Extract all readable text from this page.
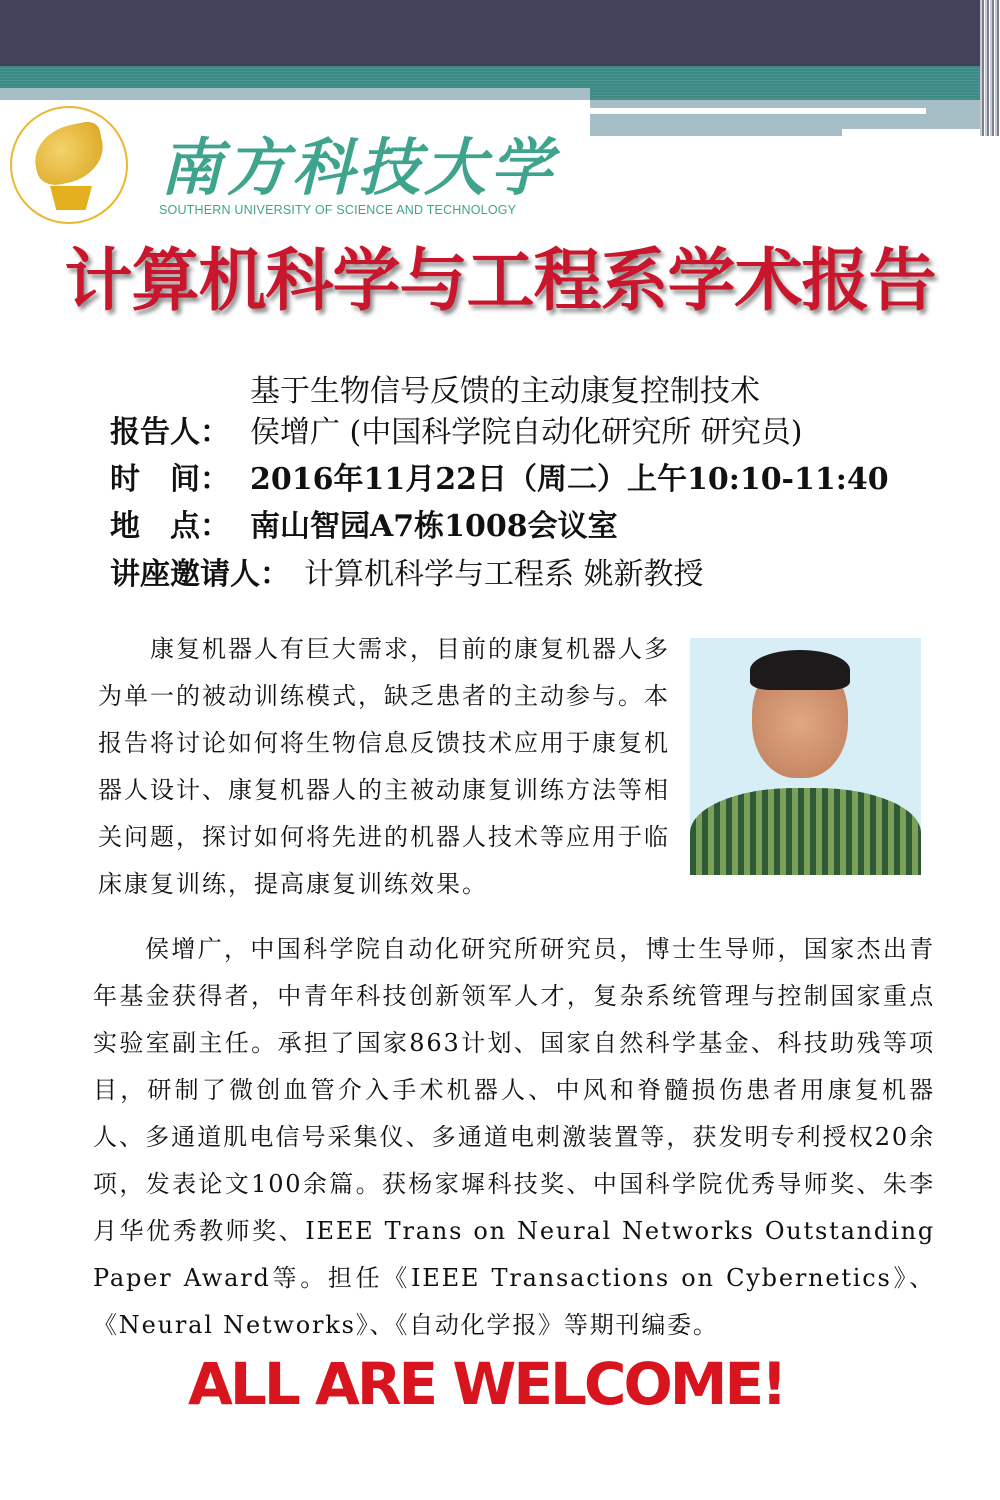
南方科技大学
SOUTHERN UNIVERSITY OF SCIENCE AND TECHNOLOGY
计算机科学与工程系学术报告
基于生物信号反馈的主动康复控制技术
报告人： 侯增广 (中国科学院自动化研究所 研究员)
时　间： 2016年11月22日（周二）上午10:10-11:40
地　点： 南山智园A7栋1008会议室
讲座邀请人： 计算机科学与工程系 姚新教授

康复机器人有巨大需求，目前的康复机器人多为单一的被动训练模式，缺乏患者的主动参与。本报告将讨论如何将生物信息反馈技术应用于康复机器人设计、康复机器人的主被动康复训练方法等相关问题，探讨如何将先进的机器人技术等应用于临床康复训练，提高康复训练效果。

侯增广，中国科学院自动化研究所研究员，博士生导师，国家杰出青年基金获得者，中青年科技创新领军人才，复杂系统管理与控制国家重点实验室副主任。承担了国家863计划、国家自然科学基金、科技助残等项目，研制了微创血管介入手术机器人、中风和脊髓损伤患者用康复机器人、多通道肌电信号采集仪、多通道电刺激装置等，获发明专利授权20余项，发表论文100余篇。获杨家墀科技奖、中国科学院优秀导师奖、朱李月华优秀教师奖、IEEE Trans on Neural Networks Outstanding Paper Award等。担任《IEEE Transactions on Cybernetics》、《Neural Networks》、《自动化学报》等期刊编委。

ALL ARE WELCOME!
